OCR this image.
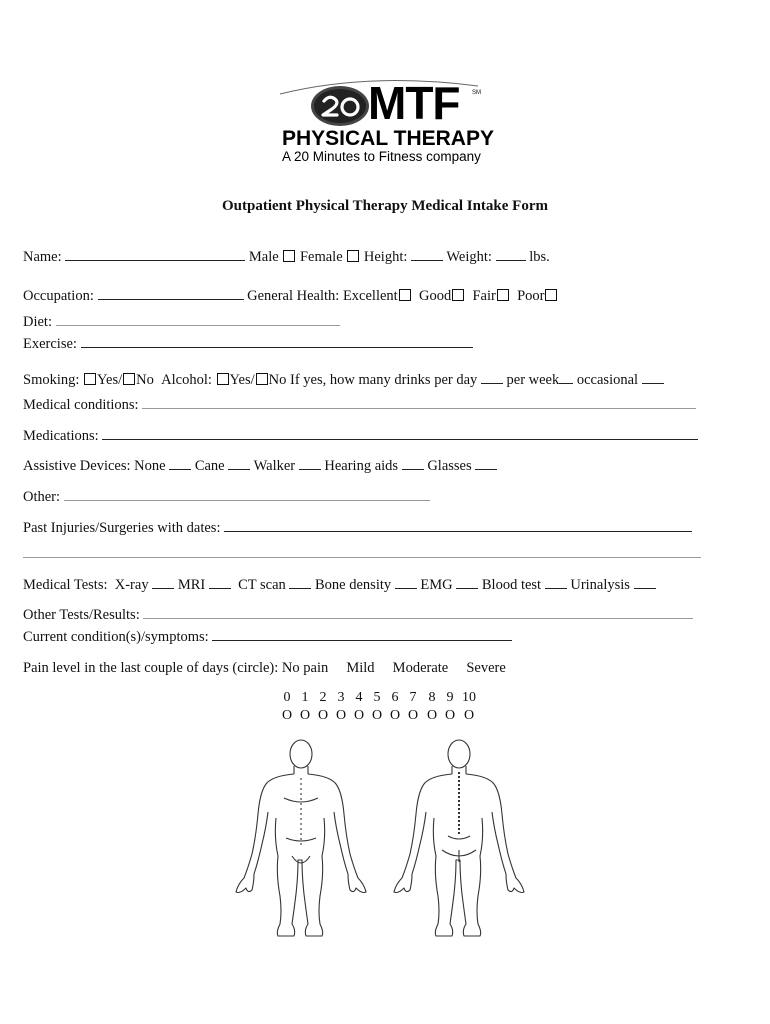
MTF SM
PHYSICAL THERAPY
A 20 Minutes to Fitness company
Outpatient Physical Therapy Medical Intake Form
Name:	Male Female Height:	Weight:	lbs.
Occupation:	General Health: Excellent Good Fair Poor
Diet:
Exercise:
Smoking: Yes/ No Alcohol: Yes/ No If yes, how many drinks per day per week occasional
Medical conditions:
Medications:
Assistive Devices: None Cane Walker Hearing aids Glasses
Other:
Past Injuries/Surgeries with dates:
Medical Tests: X-ray MRI CT scan Bone density EMG Blood test Urinalysis
Other Tests/Results:
Current condition(s)/symptoms:
Pain level in the last couple of days (circle): No pain Mild Moderate Severe
0 1 2 3 4 5 6 7 8 9 10
O O O O O O O O O O O
